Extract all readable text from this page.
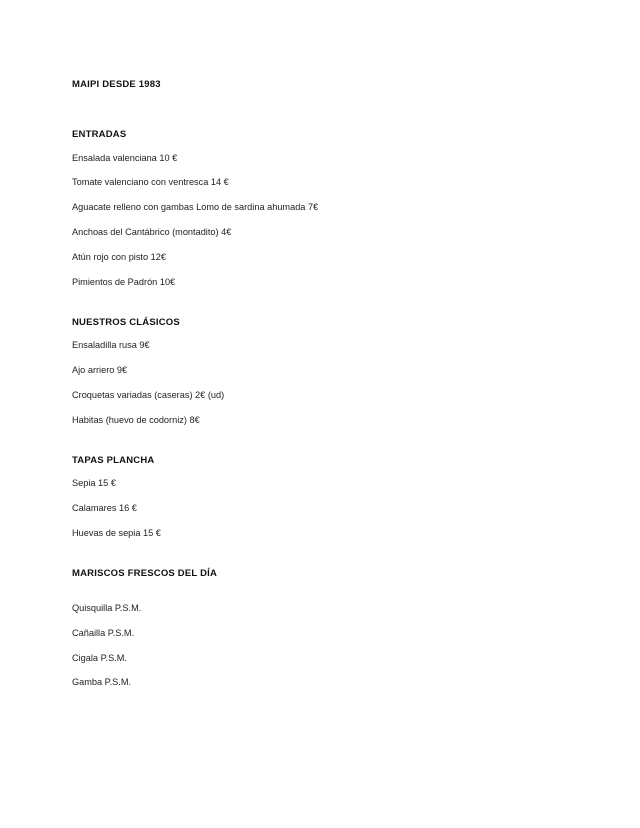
MAIPI DESDE 1983
ENTRADAS
Ensalada valenciana 10 €
Tomate valenciano con ventresca 14 €
Aguacate relleno con gambas Lomo de sardina ahumada 7€
Anchoas del Cantábrico (montadito) 4€
Atún rojo con pisto 12€
Pimientos de Padrón 10€
NUESTROS CLÁSICOS
Ensaladilla rusa 9€
Ajo arriero 9€
Croquetas variadas (caseras) 2€ (ud)
Habitas (huevo de codorniz) 8€
TAPAS PLANCHA
Sepia 15 €
Calamares 16 €
Huevas de sepia 15 €
MARISCOS FRESCOS DEL DÍA
Quisquilla P.S.M.
Cañailla P.S.M.
Cigala P.S.M.
Gamba P.S.M.
